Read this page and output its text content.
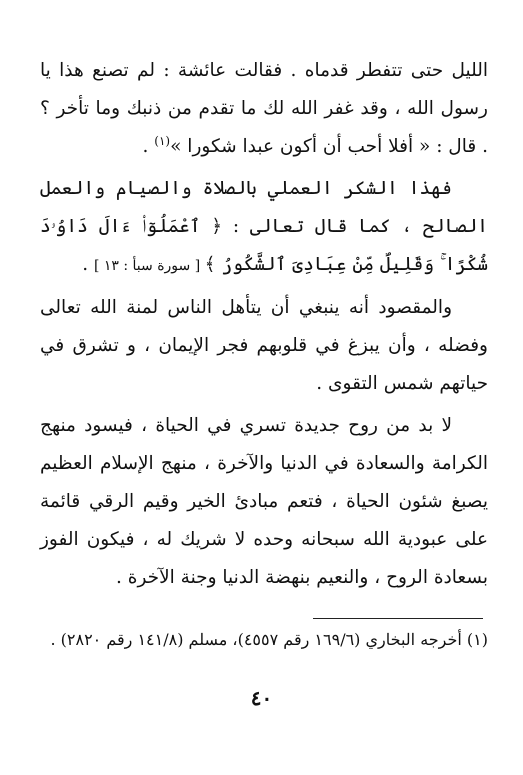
الليل حتى تتفطر قدماه . فقالت عائشة : لم تصنع هذا يا رسول الله ، وقد غفر الله لك ما تقدم من ذنبك وما تأخر ؟ . قال : « أفلا أحب أن أكون عبدا شكورا »$^{(١)}$ .

فهذا الشكر العملي بالصلاة والصيام والعمل الصالح ، كما قال تعالى : ﴿ ٱعْمَلُوٓا۟ ءَالَ دَاوُۥدَ شُكْرًا ۚ وَقَلِيلٌ مِّنْ عِبَادِىَ ٱلشَّكُورُ ﴾ [ سورة سبأ : ١٣ ] .

والمقصود أنه ينبغي أن يتأهل الناس لمنة الله تعالى وفضله ، وأن يبزغ في قلوبهم فجر الإيمان ، و تشرق في حياتهم شمس التقوى .

لا بد من روح جديدة تسري في الحياة ، فيسود منهج الكرامة والسعادة في الدنيا والآخرة ، منهج الإسلام العظيم يصبغ شئون الحياة ، فتعم مبادئ الخير وقيم الرقي قائمة على عبودية الله سبحانه وحده لا شريك له ، فيكون الفوز بسعادة الروح ، والنعيم بنهضة الدنيا وجنة الآخرة .

(١) أخرجه البخاري (١٦٩/٦ رقم ٤٥٥٧)، مسلم (١٤١/٨ رقم ٢٨٢٠) .
٤٠
